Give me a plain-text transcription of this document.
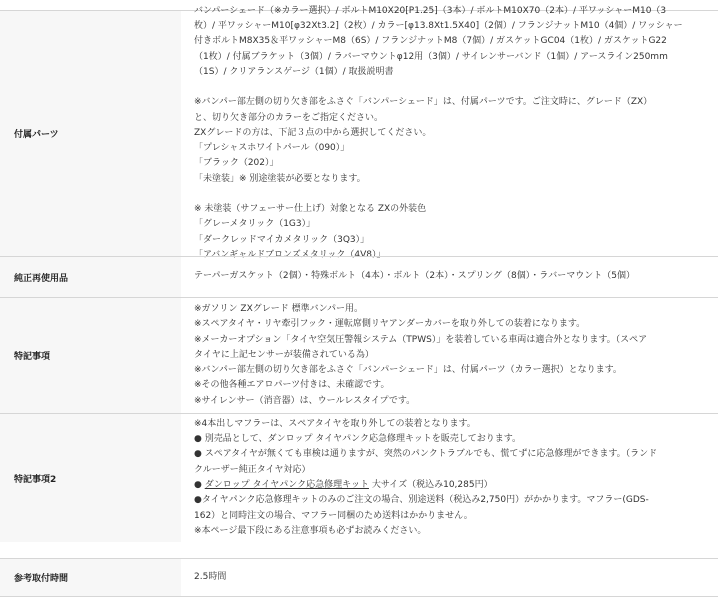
付属パーツ

バンパーシェード（※カラー選択）/ ボルトM10X20[P1.25]（3本）/ ボルトM10X70（2本）/ 平ワッシャーM10（3

枚）/ 平ワッシャーM10[φ32Xt3.2]（2枚）/ カラー[φ13.8Xt1.5X40]（2個）/ フランジナットM10（4個）/ ワッシャー

付きボルトM8X35＆平ワッシャーM8（6S）/ フランジナットM8（7個）/ ガスケットGC04（1枚）/ ガスケットG22

（1枚）/ 付属ブラケット（3個）/ ラバーマウントφ12用（3個）/ サイレンサーバンド（1個）/ アースライン250mm

（1S）/ クリアランスゲージ（1個）/ 取扱説明書

※バンパー部左側の切り欠き部をふさぐ「バンパーシェード」は、付属パーツです。ご注文時に、グレード（ZX）

と、切り欠き部分のカラーをご指定ください。

ZXグレードの方は、下記３点の中から選択してください。

「プレシャスホワイトパール（090）」

「ブラック（202）」

「未塗装」※ 別途塗装が必要となります。

※ 未塗装（サフェーサー仕上げ）対象となる ZXの外装色

「グレーメタリック（1G3）」

「ダークレッドマイカメタリック（3Q3）」

「アバンギャルドブロンズメタリック（4V8）」

純正再使用品	テーパーガスケット（2個）・特殊ボルト（4本）・ボルト（2本）・スプリング（8個）・ラバーマウント（5個）
特記事項

※ガソリン ZXグレード 標準バンパー用。

※スペアタイヤ・リヤ牽引フック・運転席側リヤアンダーカバーを取り外しての装着になります。

※メーカーオプション「タイヤ空気圧警報システム（TPWS）」を装着している車両は適合外となります。（スペア

タイヤに上記センサーが装備されている為）

※バンパー部左側の切り欠き部をふさぐ「バンパーシェード」は、付属パーツ（カラー選択）となります。

※その他各種エアロパーツ付きは、未確認です。

※サイレンサー（消音器）は、ウールレスタイプです。

特記事項2

※4本出しマフラーは、スペアタイヤを取り外しての装着となります。

● 別売品として、ダンロップ タイヤパンク応急修理キットを販売しております。

● スペアタイヤが無くても車検は通りますが、突然のパンクトラブルでも、慌てずに応急修理ができます。（ランド

クルーザー純正タイヤ対応）

● ダンロップ タイヤパンク応急修理キット 大サイズ（税込み10,285円）

●タイヤパンク応急修理キットのみのご注文の場合、別途送料（税込み2,750円）がかかります。マフラー(GDS-

162）と同時注文の場合、マフラー同梱のため送料はかかりません。

※本ページ最下段にある注意事項も必ずお読みください。

参考取付時間	2.5時間
